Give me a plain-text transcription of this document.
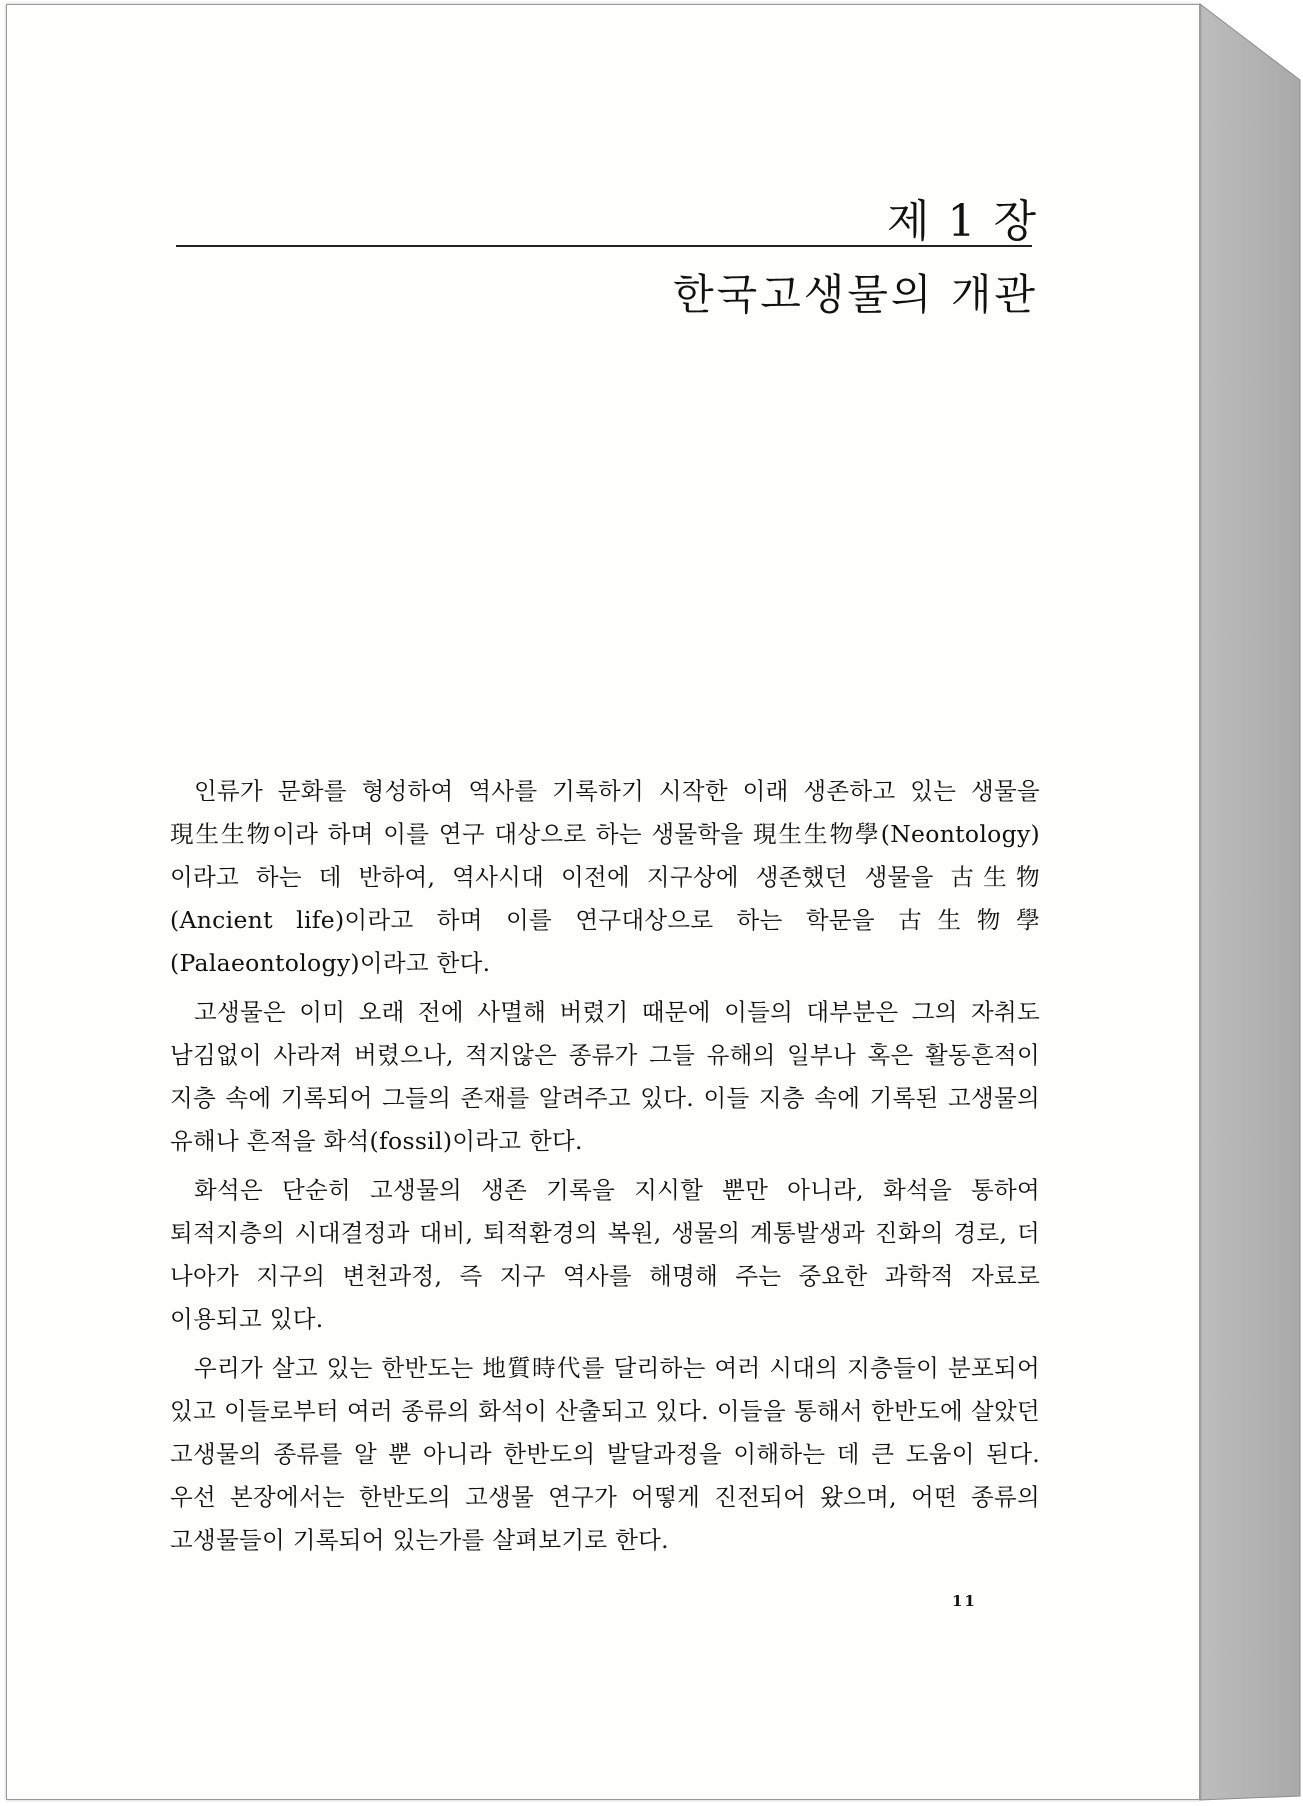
제 1 장
한국고생물의 개관

인류가 문화를 형성하여 역사를 기록하기 시작한 이래 생존하고 있는 생물을 現生生物이라 하며 이를 연구 대상으로 하는 생물학을 現生生物學(Neontology)이라고 하는 데 반하여, 역사시대 이전에 지구상에 생존했던 생물을 古生物(Ancient life)이라고 하며 이를 연구대상으로 하는 학문을 古生物學(Palaeontology)이라고 한다.

고생물은 이미 오래 전에 사멸해 버렸기 때문에 이들의 대부분은 그의 자취도 남김없이 사라져 버렸으나, 적지않은 종류가 그들 유해의 일부나 혹은 활동흔적이 지층 속에 기록되어 그들의 존재를 알려주고 있다. 이들 지층 속에 기록된 고생물의 유해나 흔적을 화석(fossil)이라고 한다.

화석은 단순히 고생물의 생존 기록을 지시할 뿐만 아니라, 화석을 통하여 퇴적지층의 시대결정과 대비, 퇴적환경의 복원, 생물의 계통발생과 진화의 경로, 더 나아가 지구의 변천과정, 즉 지구 역사를 해명해 주는 중요한 과학적 자료로 이용되고 있다.

우리가 살고 있는 한반도는 地質時代를 달리하는 여러 시대의 지층들이 분포되어 있고 이들로부터 여러 종류의 화석이 산출되고 있다. 이들을 통해서 한반도에 살았던 고생물의 종류를 알 뿐 아니라 한반도의 발달과정을 이해하는 데 큰 도움이 된다. 우선 본장에서는 한반도의 고생물 연구가 어떻게 진전되어 왔으며, 어떤 종류의 고생물들이 기록되어 있는가를 살펴보기로 한다.

11
